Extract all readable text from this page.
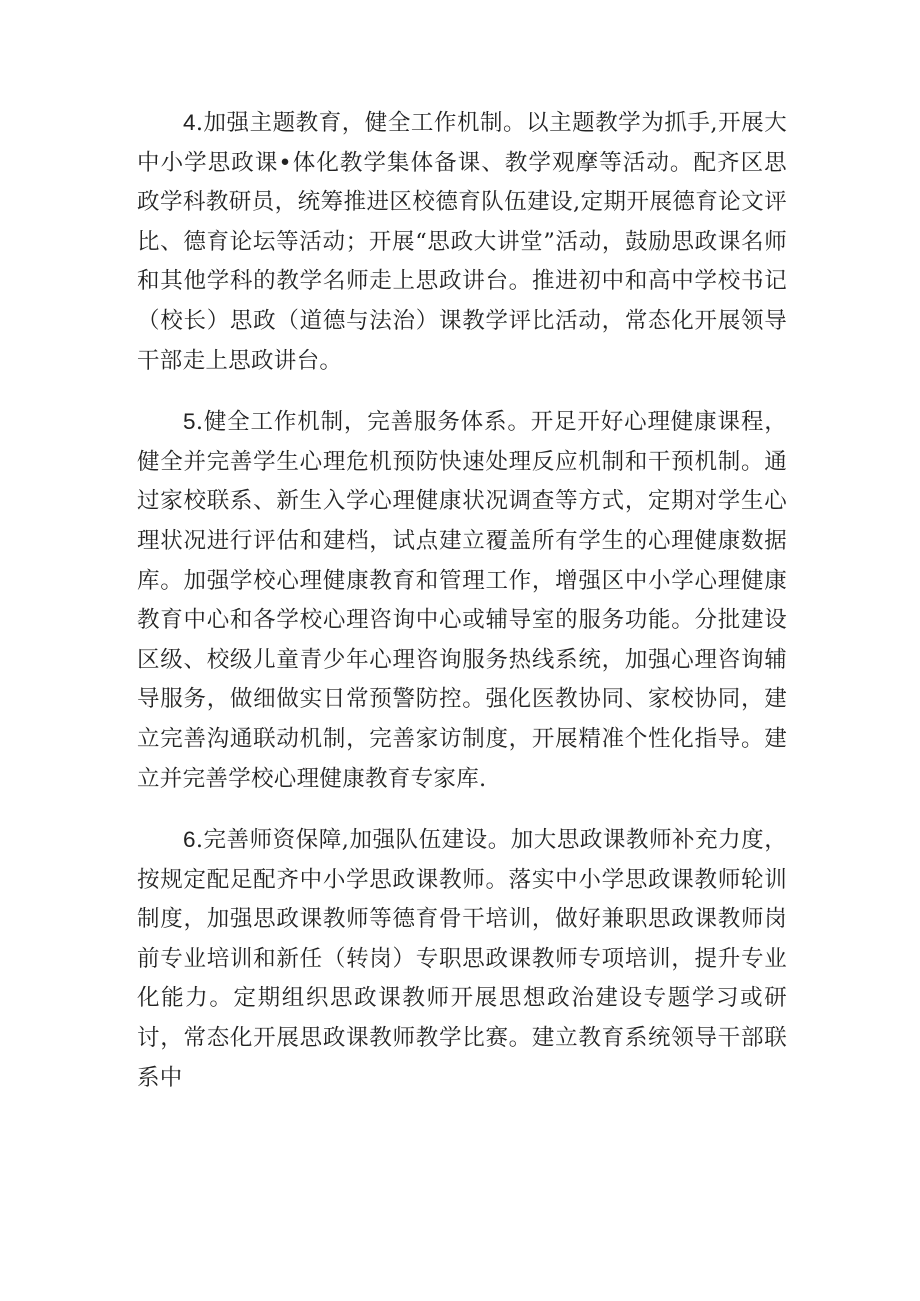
4.加强主题教育，健全工作机制。以主题教学为抓手,开展大中小学思政课•体化教学集体备课、教学观摩等活动。配齐区思政学科教研员，统筹推进区校德育队伍建设,定期开展德育论文评比、德育论坛等活动；开展“思政大讲堂”活动，鼓励思政课名师和其他学科的教学名师走上思政讲台。推进初中和高中学校书记（校长）思政（道德与法治）课教学评比活动，常态化开展领导干部走上思政讲台。

5.健全工作机制，完善服务体系。开足开好心理健康课程，健全并完善学生心理危机预防快速处理反应机制和干预机制。通过家校联系、新生入学心理健康状况调查等方式，定期对学生心理状况进行评估和建档，试点建立覆盖所有学生的心理健康数据库。加强学校心理健康教育和管理工作，增强区中小学心理健康教育中心和各学校心理咨询中心或辅导室的服务功能。分批建设区级、校级儿童青少年心理咨询服务热线系统，加强心理咨询辅导服务，做细做实日常预警防控。强化医教协同、家校协同，建立完善沟通联动机制，完善家访制度，开展精准个性化指导。建立并完善学校心理健康教育专家库.

6.完善师资保障,加强队伍建设。加大思政课教师补充力度，按规定配足配齐中小学思政课教师。落实中小学思政课教师轮训制度，加强思政课教师等德育骨干培训，做好兼职思政课教师岗前专业培训和新任（转岗）专职思政课教师专项培训，提升专业化能力。定期组织思政课教师开展思想政治建设专题学习或研讨，常态化开展思政课教师教学比赛。建立教育系统领导干部联系中
